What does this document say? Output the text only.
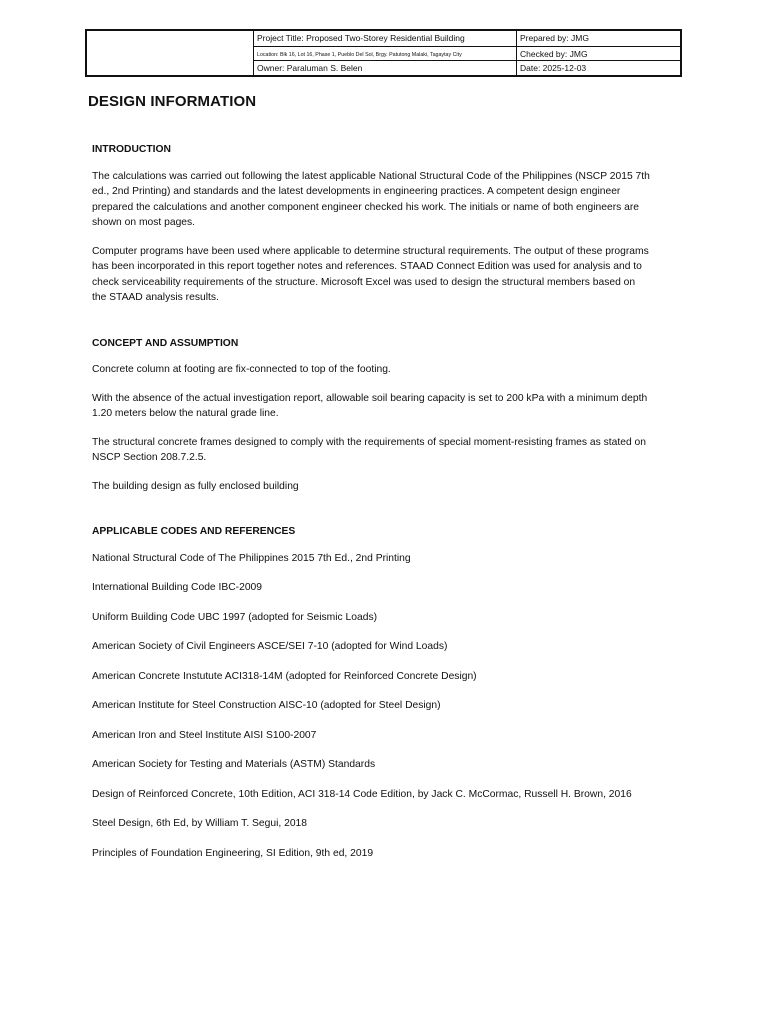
Project Title: Proposed Two-Storey Residential Building	Prepared by: JMG
Location: Blk 16, Lot 16, Phase 1, Pueblo Del Sol, Brgy. Patutong Malaki, Tagaytay City	Checked by: JMG
Owner: Paraluman S. Belen	Date: 2025-12-03
DESIGN INFORMATION
INTRODUCTION

The calculations was carried out following the latest applicable National Structural Code of the Philippines (NSCP 2015 7th ed., 2nd Printing) and standards and the latest developments in engineering practices. A competent design engineer prepared the calculations and another component engineer checked his work. The initials or name of both engineers are shown on most pages.

Computer programs have been used where applicable to determine structural requirements. The output of these programs has been incorporated in this report together notes and references. STAAD Connect Edition was used for analysis and to check serviceability requirements of the structure. Microsoft Excel was used to design the structural members based on the STAAD analysis results.

CONCEPT AND ASSUMPTION

Concrete column at footing are fix-connected to top of the footing.

With the absence of the actual investigation report, allowable soil bearing capacity is set to 200 kPa with a minimum depth 1.20 meters below the natural grade line.

The structural concrete frames designed to comply with the requirements of special moment-resisting frames as stated on NSCP Section 208.7.2.5.

The building design as fully enclosed building

APPLICABLE CODES AND REFERENCES

National Structural Code of The Philippines 2015 7th Ed., 2nd Printing

International Building Code IBC-2009

Uniform Building Code UBC 1997 (adopted for Seismic Loads)

American Society of Civil Engineers ASCE/SEI 7-10 (adopted for Wind Loads)

American Concrete Instutute ACI318-14M (adopted for Reinforced Concrete Design)

American Institute for Steel Construction AISC-10 (adopted for Steel Design)

American Iron and Steel Institute AISI S100-2007

American Society for Testing and Materials (ASTM) Standards

Design of Reinforced Concrete, 10th Edition, ACI 318-14 Code Edition, by Jack C. McCormac, Russell H. Brown, 2016

Steel Design, 6th Ed, by William T. Segui, 2018

Principles of Foundation Engineering, SI Edition, 9th ed, 2019
